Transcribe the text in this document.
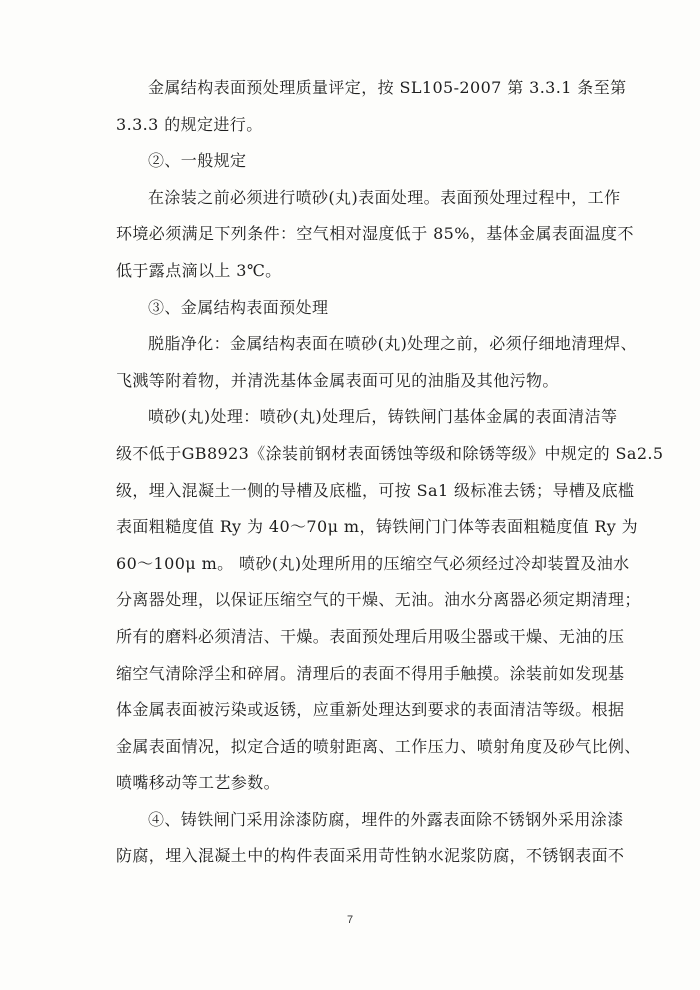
金属结构表面预处理质量评定，按 SL105-2007 第 3.3.1 条至第
3.3.3 的规定进行。
②、一般规定
在涂装之前必须进行喷砂(丸)表面处理。表面预处理过程中，工作
环境必须满足下列条件：空气相对湿度低于 85%，基体金属表面温度不
低于露点滴以上 3℃。
③、金属结构表面预处理
脱脂净化：金属结构表面在喷砂(丸)处理之前，必须仔细地清理焊、
飞溅等附着物，并清洗基体金属表面可见的油脂及其他污物。
喷砂(丸)处理：喷砂(丸)处理后，铸铁闸门基体金属的表面清洁等
级不低于GB8923《涂装前钢材表面锈蚀等级和除锈等级》中规定的 Sa2.5
级，埋入混凝土一侧的导槽及底槛，可按 Sa1 级标准去锈；导槽及底槛
表面粗糙度值 Ry 为 40～70μ m，铸铁闸门门体等表面粗糙度值 Ry 为
60～100μ m。 喷砂(丸)处理所用的压缩空气必须经过冷却装置及油水
分离器处理，以保证压缩空气的干燥、无油。油水分离器必须定期清理；
所有的磨料必须清洁、干燥。表面预处理后用吸尘器或干燥、无油的压
缩空气清除浮尘和碎屑。清理后的表面不得用手触摸。涂装前如发现基
体金属表面被污染或返锈，应重新处理达到要求的表面清洁等级。根据
金属表面情况，拟定合适的喷射距离、工作压力、喷射角度及砂气比例、
喷嘴移动等工艺参数。
④、铸铁闸门采用涂漆防腐，埋件的外露表面除不锈钢外采用涂漆
防腐，埋入混凝土中的构件表面采用苛性钠水泥浆防腐，不锈钢表面不
7
